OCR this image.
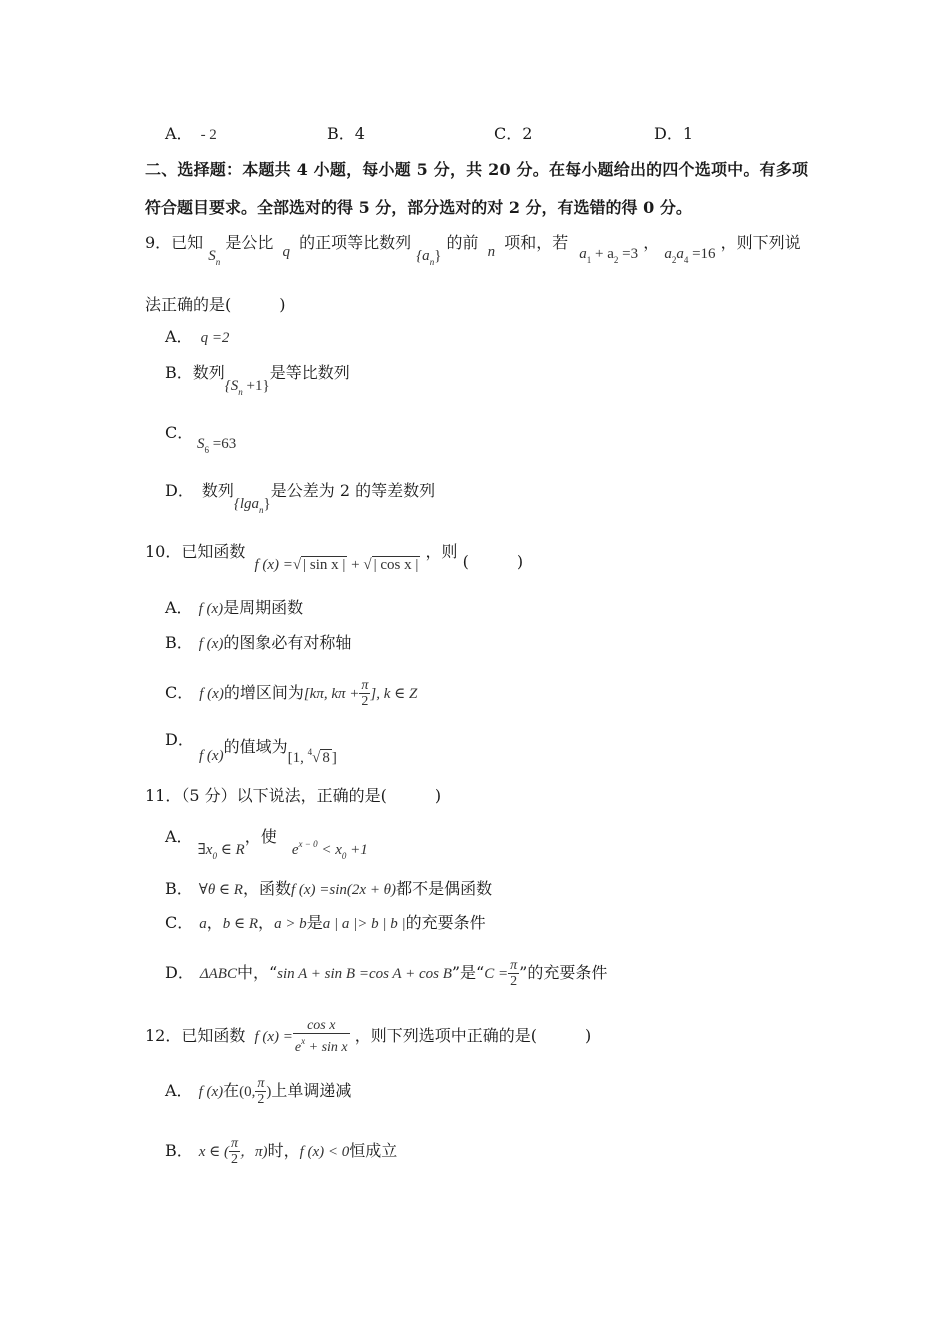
A． - 2	B．4	C．2	D．1
二、选择题：本题共 4 小题，每小题 5 分，共 20 分。在每小题给出的四个选项中。有多项
符合题目要求。全部选对的得 5 分，部分选对的对 2 分，有选错的得 0 分。
9．已知 $S_n$ 是公比 q 的正项等比数列 $\{a_n\}$ 的前 n 项和，若 $a_1 + a_2 =3$ ， $a_2a_4 =16$ ，则下列说
法正确的是(　　　)
A． q =2
B．数列$\{S_n +1\}$是等比数列
C．
$S_6 =63$
D． 数列{lga$_n$}是公差为 2 的等差数列
10．已知函数 f (x) =√ | sin x | + √ | cos x | ，则 (　　　)
A． f (x)是周期函数
B． f (x)的图象必有对称轴
C． f (x)的增区间为[kπ, $k\pi + \frac{\pi}{2}$ ], k ∈ Z
D．
f (x)的值域为[1, $^4$√ 8 ]
11．（5 分）以下说法，正确的是(　　　)
A． $\exists x_0$ ∈ R，使 $e^{x - 0} < x_0 +1$
B． ∀θ ∈ R，函数f (x) =sin(2x + θ)都不是偶函数
C． a，b ∈ R，a > b是a | a |> b | b |的充要条件
D． ΔABC中，“sin A + sin B =cos A + cos B”是“$C = \frac{\pi}{2}$ ”的充要条件
12．已知函数 f $(x) = \frac{\text{cos x}}{e^x + \sin x}$ ，则下列选项中正确的是(　　　)
A． f (x)在(0, $\frac{\pi}{2}$ )上单调递减
B． x ∈ ( $\frac{\pi}{2}$ ，π)时，f (x) < 0恒成立
